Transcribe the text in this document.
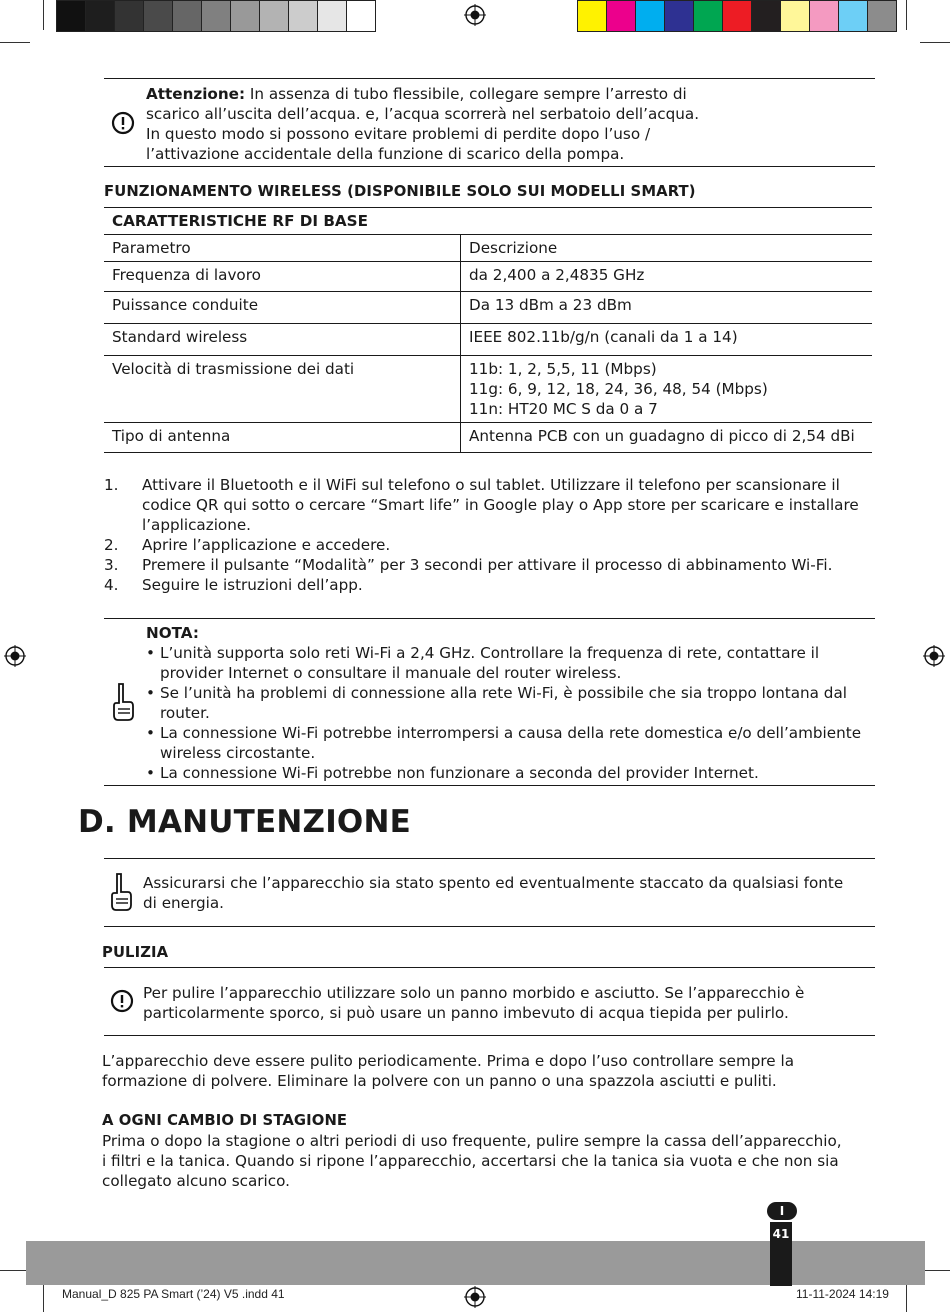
Attenzione: In assenza di tubo flessibile, collegare sempre l’arresto di
scarico all’uscita dell’acqua. e, l’acqua scorrerà nel serbatoio dell’acqua.
In questo modo si possono evitare problemi di perdite dopo l’uso /
l’attivazione accidentale della funzione di scarico della pompa.
FUNZIONAMENTO WIRELESS (DISPONIBILE SOLO SUI MODELLI SMART)
CARATTERISTICHE RF DI BASE	
Parametro	Descrizione
Frequenza di lavoro	da 2,400 a 2,4835 GHz
Puissance conduite	Da 13 dBm a 23 dBm
Standard wireless	IEEE 802.11b/g/n (canali da 1 a 14)
Velocità di trasmissione dei dati	11b: 1, 2, 5,5, 11 (Mbps)
11g: 6, 9, 12, 18, 24, 36, 48, 54 (Mbps)
11n: HT20 MC S da 0 a 7
Tipo di antenna	Antenna PCB con un guadagno di picco di 2,54 dBi
1. Attivare il Bluetooth e il WiFi sul telefono o sul tablet. Utilizzare il telefono per scansionare il codice QR qui sotto o cercare “Smart life” in Google play o App store per scaricare e installare l’applicazione.
2. Aprire l’applicazione e accedere.
3. Premere il pulsante “Modalità” per 3 secondi per attivare il processo di abbinamento Wi-Fi.
4. Seguire le istruzioni dell’app.
NOTA:
• L’unità supporta solo reti Wi-Fi a 2,4 GHz. Controllare la frequenza di rete, contattare il provider Internet o consultare il manuale del router wireless.
• Se l’unità ha problemi di connessione alla rete Wi-Fi, è possibile che sia troppo lontana dal router.
• La connessione Wi-Fi potrebbe interrompersi a causa della rete domestica e/o dell’ambiente wireless circostante.
• La connessione Wi-Fi potrebbe non funzionare a seconda del provider Internet.
D. MANUTENZIONE
Assicurarsi che l’apparecchio sia stato spento ed eventualmente staccato da qualsiasi fonte
di energia.
PULIZIA
Per pulire l’apparecchio utilizzare solo un panno morbido e asciutto. Se l’apparecchio è
particolarmente sporco, si può usare un panno imbevuto di acqua tiepida per pulirlo.
L’apparecchio deve essere pulito periodicamente. Prima e dopo l’uso controllare sempre la
formazione di polvere. Eliminare la polvere con un panno o una spazzola asciutti e puliti.
A OGNI CAMBIO DI STAGIONE
Prima o dopo la stagione o altri periodi di uso frequente, pulire sempre la cassa dell’apparecchio,
i filtri e la tanica. Quando si ripone l’apparecchio, accertarsi che la tanica sia vuota e che non sia
collegato alcuno scarico.
I
41
Manual_D 825 PA Smart (’24) V5 .indd 41	11-11-2024 14:19
